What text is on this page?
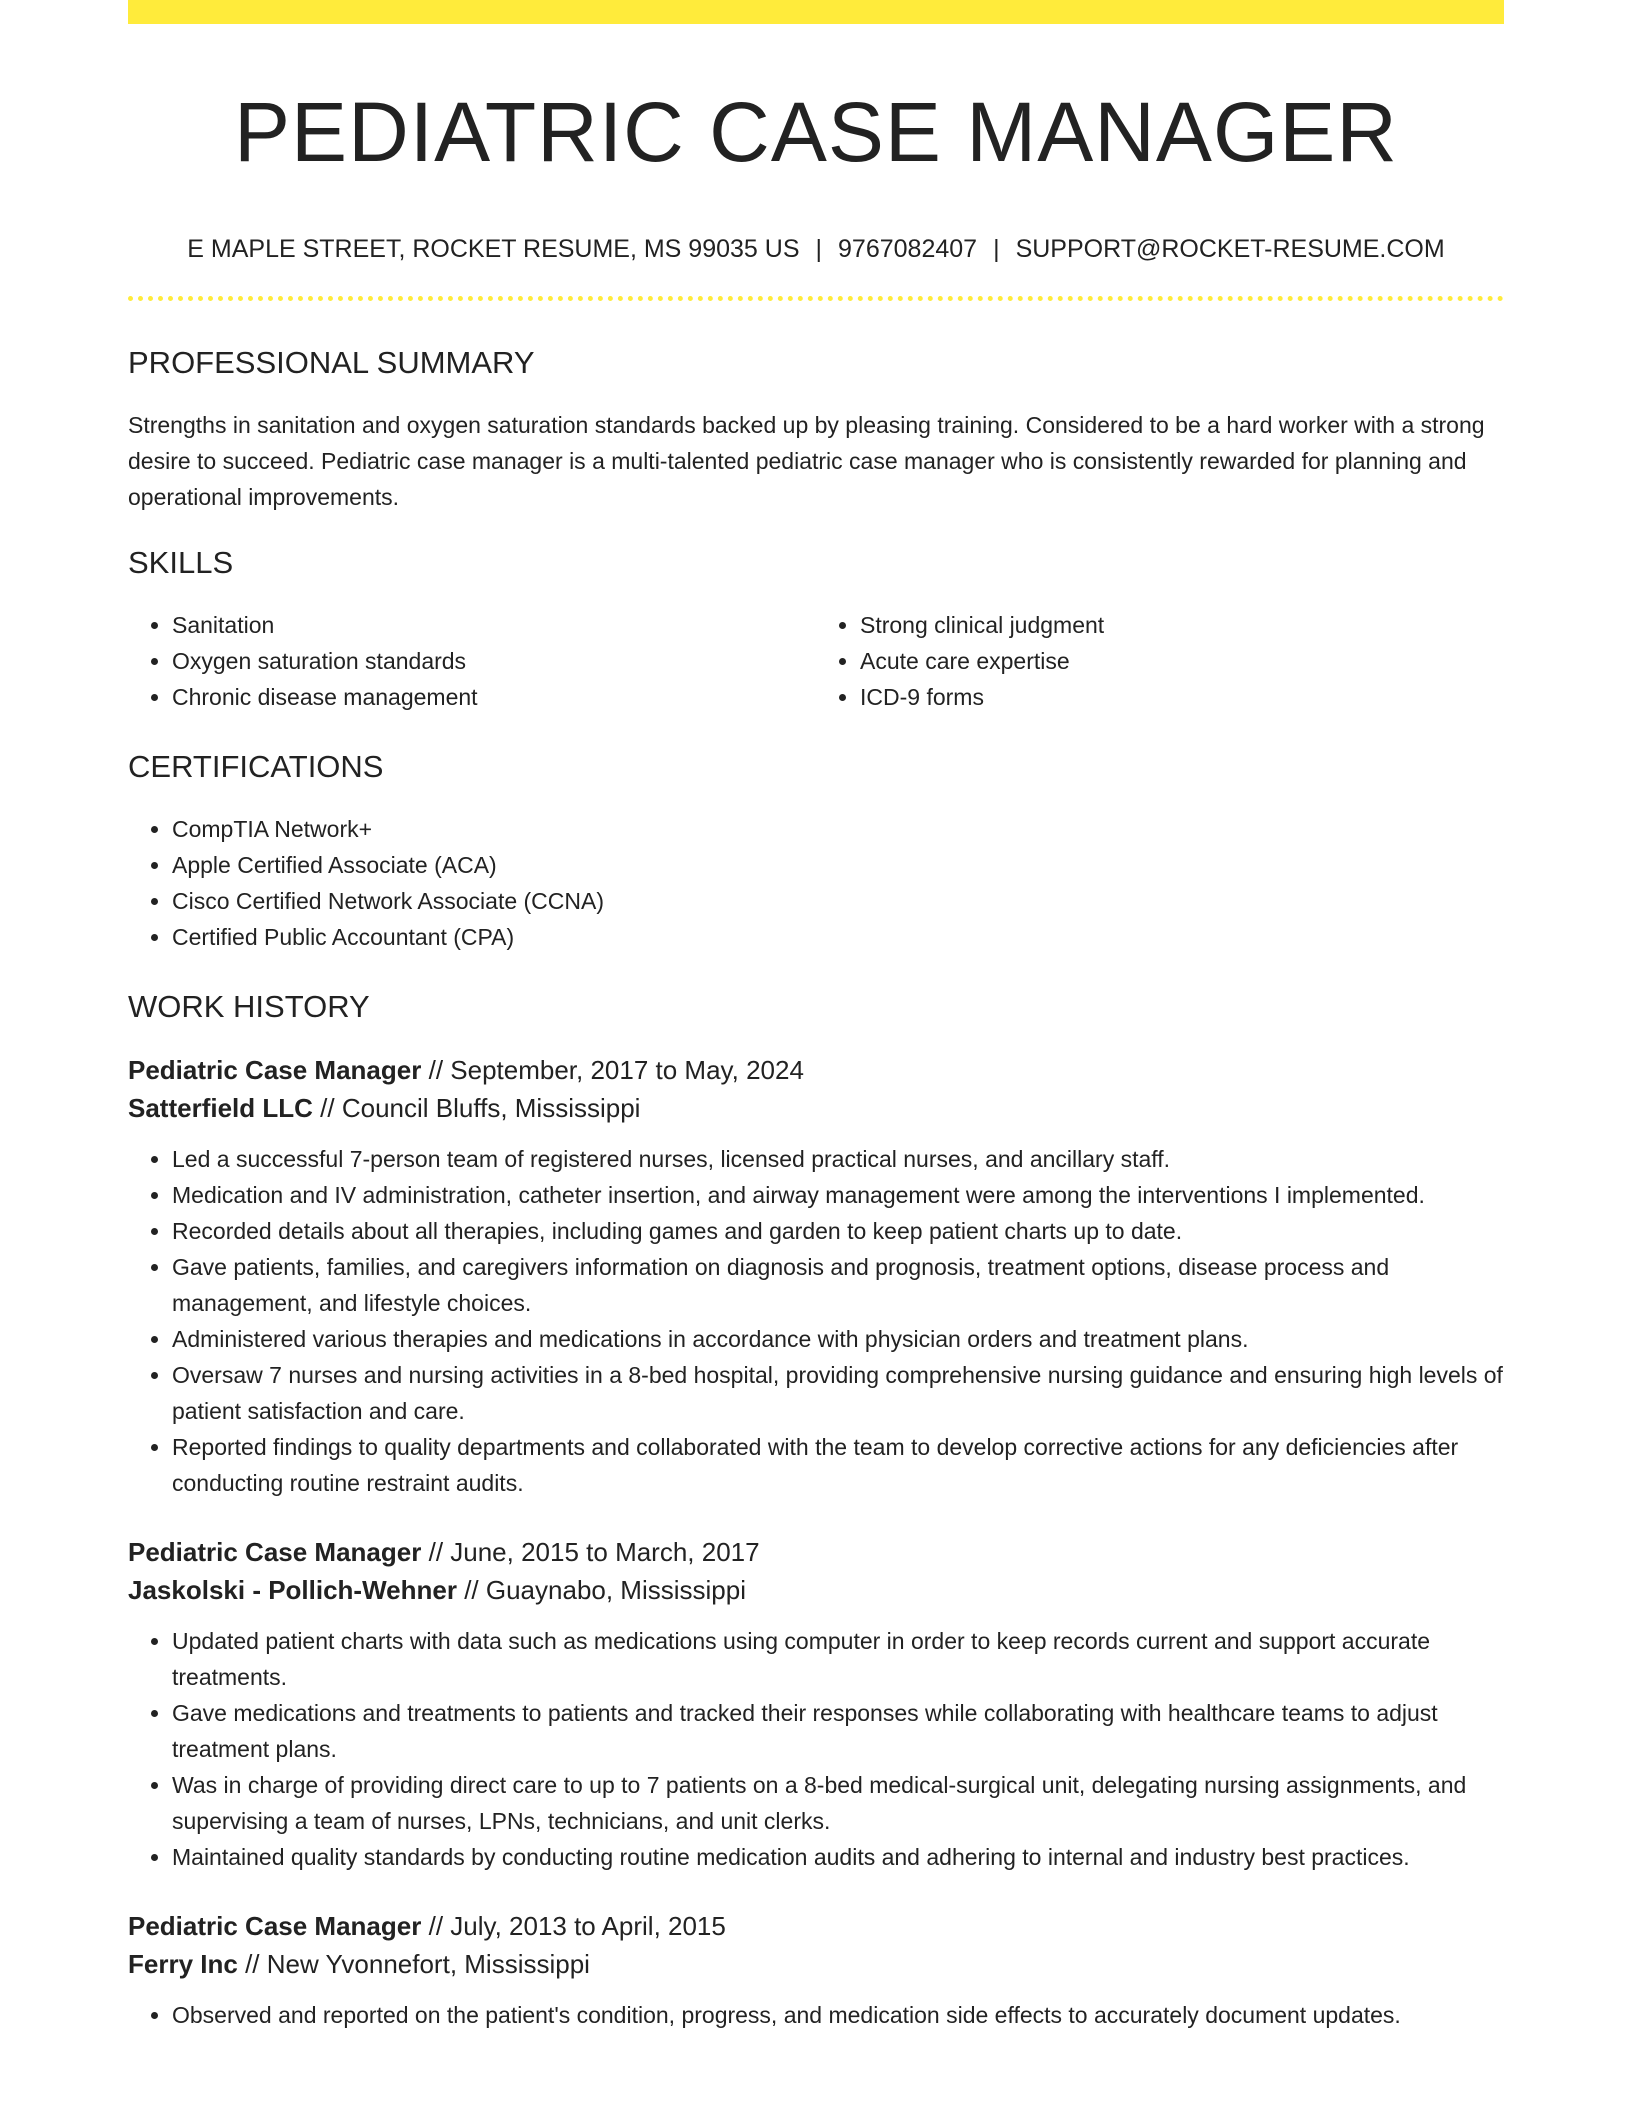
PEDIATRIC CASE MANAGER
E MAPLE STREET, ROCKET RESUME, MS 99035 US | 9767082407 | SUPPORT@ROCKET-RESUME.COM
PROFESSIONAL SUMMARY

Strengths in sanitation and oxygen saturation standards backed up by pleasing training. Considered to be a hard worker with a strong desire to succeed. Pediatric case manager is a multi-talented pediatric case manager who is consistently rewarded for planning and operational improvements.

SKILLS
• Sanitation
• Oxygen saturation standards
• Chronic disease management
• Strong clinical judgment
• Acute care expertise
• ICD-9 forms
CERTIFICATIONS
• CompTIA Network+
• Apple Certified Associate (ACA)
• Cisco Certified Network Associate (CCNA)
• Certified Public Accountant (CPA)
WORK HISTORY
Pediatric Case Manager // September, 2017 to May, 2024
Satterfield LLC // Council Bluffs, Mississippi
• Led a successful 7-person team of registered nurses, licensed practical nurses, and ancillary staff.
• Medication and IV administration, catheter insertion, and airway management were among the interventions I implemented.
• Recorded details about all therapies, including games and garden to keep patient charts up to date.
• Gave patients, families, and caregivers information on diagnosis and prognosis, treatment options, disease process and management, and lifestyle choices.
• Administered various therapies and medications in accordance with physician orders and treatment plans.
• Oversaw 7 nurses and nursing activities in a 8-bed hospital, providing comprehensive nursing guidance and ensuring high levels of patient satisfaction and care.
• Reported findings to quality departments and collaborated with the team to develop corrective actions for any deficiencies after conducting routine restraint audits.
Pediatric Case Manager // June, 2015 to March, 2017
Jaskolski - Pollich-Wehner // Guaynabo, Mississippi
• Updated patient charts with data such as medications using computer in order to keep records current and support accurate treatments.
• Gave medications and treatments to patients and tracked their responses while collaborating with healthcare teams to adjust treatment plans.
• Was in charge of providing direct care to up to 7 patients on a 8-bed medical-surgical unit, delegating nursing assignments, and supervising a team of nurses, LPNs, technicians, and unit clerks.
• Maintained quality standards by conducting routine medication audits and adhering to internal and industry best practices.
Pediatric Case Manager // July, 2013 to April, 2015
Ferry Inc // New Yvonnefort, Mississippi
• Observed and reported on the patient's condition, progress, and medication side effects to accurately document updates.
